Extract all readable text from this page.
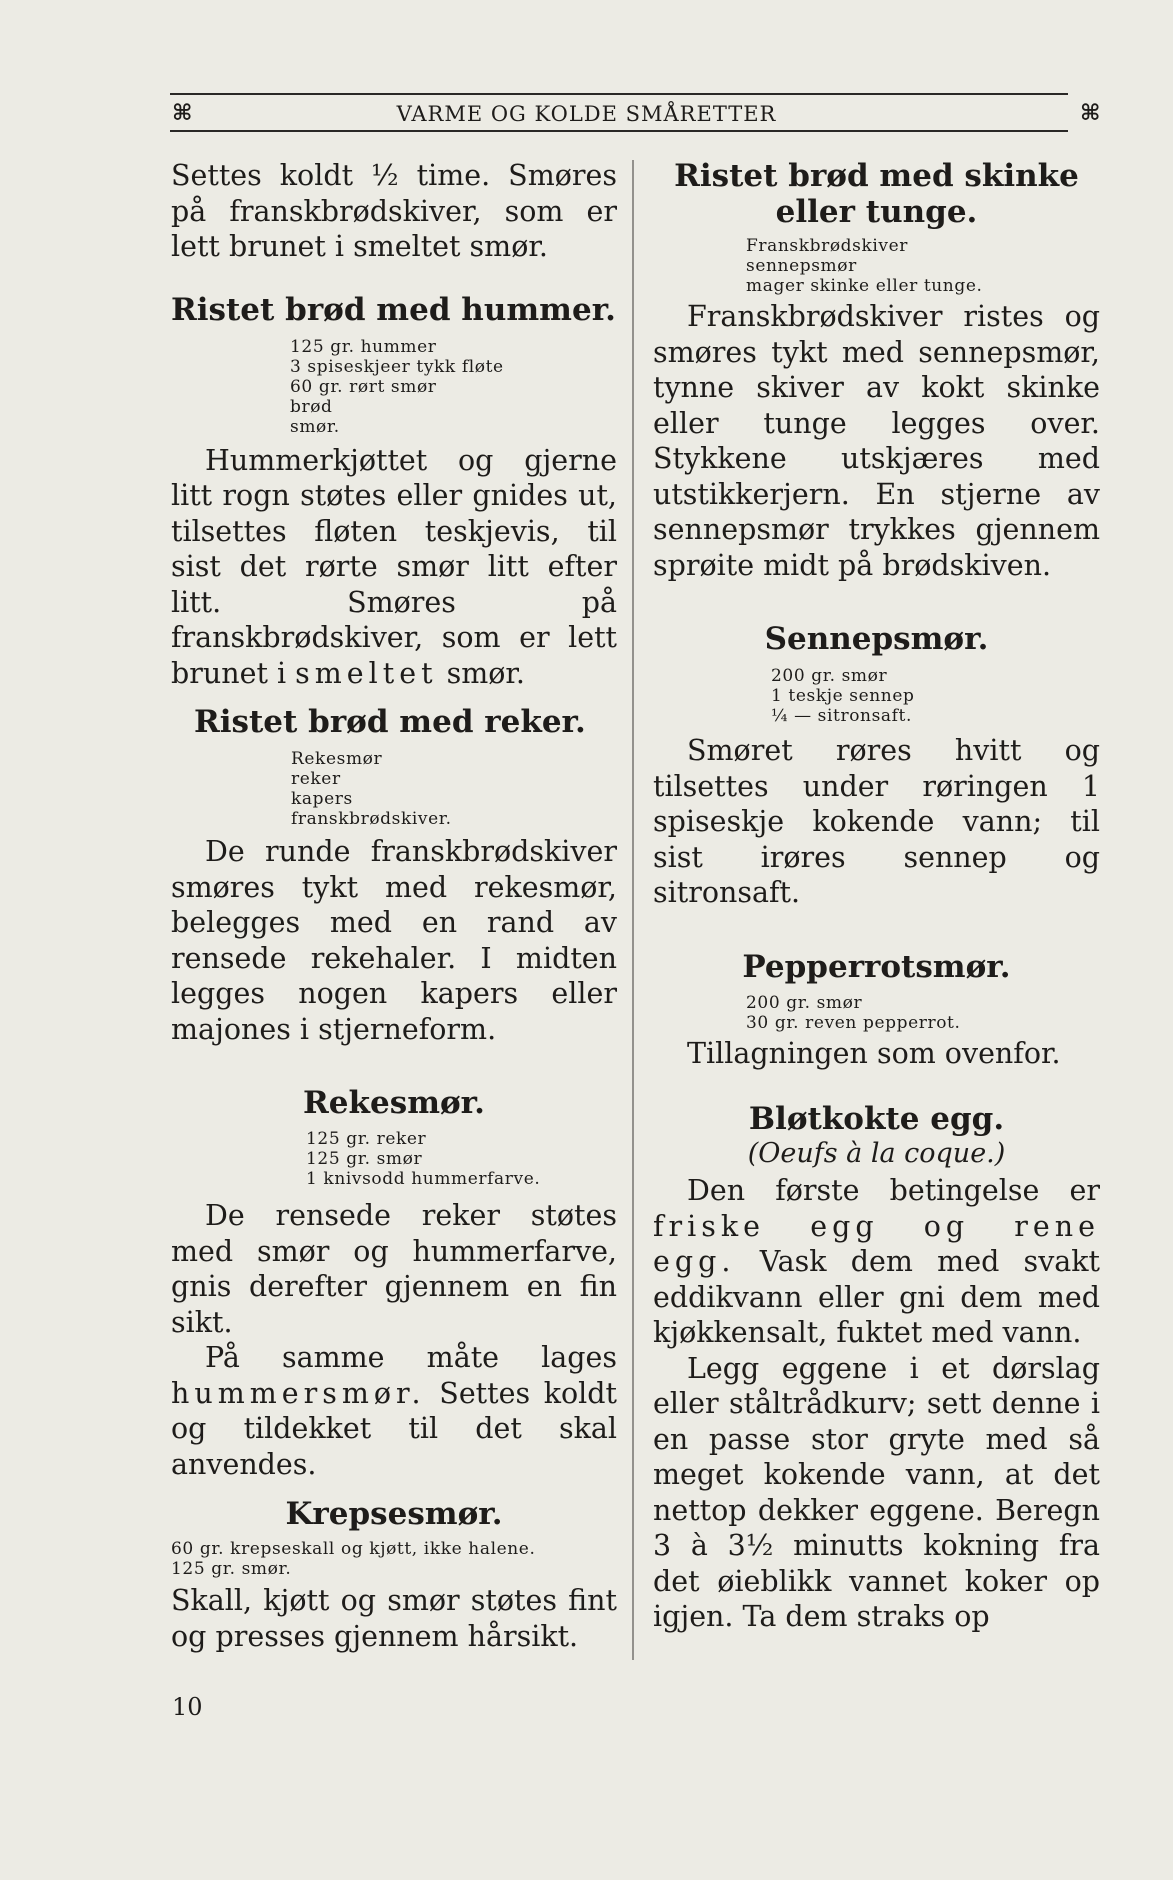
⌘	VARME OG KOLDE SMÅRETTER	⌘

Settes koldt ½ time. Smøres på franskbrødskiver, som er lett brunet i smeltet smør.

Ristet brød med hummer.
125 gr. hummer
3 spiseskjeer tykk fløte
60 gr. rørt smør
brød
smør.

Hummerkjøttet og gjerne litt rogn støtes eller gnides ut, tilsettes fløten teskjevis, til sist det rørte smør litt efter litt. Smøres på franskbrødskiver, som er lett brunet i smeltet smør.

Ristet brød med reker.
Rekesmør
reker
kapers
franskbrødskiver.

De runde franskbrødskiver smøres tykt med rekesmør, belegges med en rand av rensede rekehaler. I midten legges nogen kapers eller majones i stjerneform.

Rekesmør.
125 gr. reker
125 gr. smør
1 knivsodd hummerfarve.

De rensede reker støtes med smør og hummerfarve, gnis derefter gjennem en fin sikt.

På samme måte lages hummersmør. Settes koldt og tildekket til det skal anvendes.

Krepsesmør.
60 gr. krepseskall og kjøtt, ikke halene.
125 gr. smør.

Skall, kjøtt og smør støtes fint og presses gjennem hårsikt.

Ristet brød med skinke
eller tunge.
Franskbrødskiver
sennepsmør
mager skinke eller tunge.

Franskbrødskiver ristes og smøres tykt med sennepsmør, tynne skiver av kokt skinke eller tunge legges over. Stykkene utskjæres med utstikkerjern. En stjerne av sennepsmør trykkes gjennem sprøite midt på brødskiven.

Sennepsmør.
200 gr. smør
1 teskje sennep
¼ — sitronsaft.

Smøret røres hvitt og tilsettes under røringen 1 spiseskje kokende vann; til sist irøres sennep og sitronsaft.

Pepperrotsmør.
200 gr. smør
30 gr. reven pepperrot.

Tillagningen som ovenfor.

Bløtkokte egg.

(Oeufs à la coque.)

Den første betingelse er friske egg og rene egg. Vask dem med svakt eddikvann eller gni dem med kjøkkensalt, fuktet med vann.

Legg eggene i et dørslag eller ståltrådkurv; sett denne i en passe stor gryte med så meget kokende vann, at det nettop dekker eggene. Beregn 3 à 3½ minutts kokning fra det øieblikk vannet koker op igjen. Ta dem straks op

10
